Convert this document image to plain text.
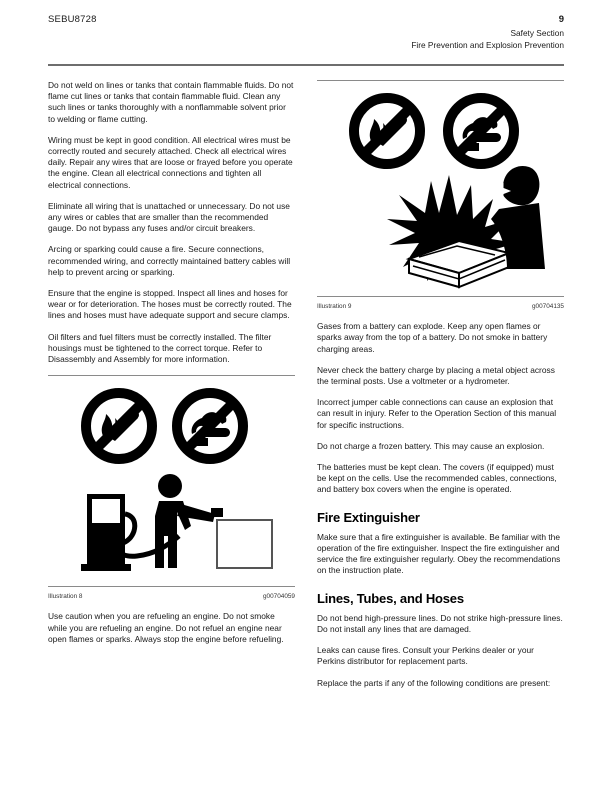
SEBU8728	9
Safety Section
Fire Prevention and Explosion Prevention

Do not weld on lines or tanks that contain flammable fluids. Do not flame cut lines or tanks that contain flammable fluid. Clean any such lines or tanks thoroughly with a nonflammable solvent prior to welding or flame cutting.

Wiring must be kept in good condition. All electrical wires must be correctly routed and securely attached. Check all electrical wires daily. Repair any wires that are loose or frayed before you operate the engine. Clean all electrical connections and tighten all electrical connections.

Eliminate all wiring that is unattached or unnecessary. Do not use any wires or cables that are smaller than the recommended gauge. Do not bypass any fuses and/or circuit breakers.

Arcing or sparking could cause a fire. Secure connections, recommended wiring, and correctly maintained battery cables will help to prevent arcing or sparking.

Ensure that the engine is stopped. Inspect all lines and hoses for wear or for deterioration. The hoses must be correctly routed. The lines and hoses must have adequate support and secure clamps.

Oil filters and fuel filters must be correctly installed. The filter housings must be tightened to the correct torque. Refer to Disassembly and Assembly for more information.

Illustration 8	g00704059

Use caution when you are refueling an engine. Do not smoke while you are refueling an engine. Do not refuel an engine near open flames or sparks. Always stop the engine before refueling.

Illustration 9	g00704135

Gases from a battery can explode. Keep any open flames or sparks away from the top of a battery. Do not smoke in battery charging areas.

Never check the battery charge by placing a metal object across the terminal posts. Use a voltmeter or a hydrometer.

Incorrect jumper cable connections can cause an explosion that can result in injury. Refer to the Operation Section of this manual for specific instructions.

Do not charge a frozen battery. This may cause an explosion.

The batteries must be kept clean. The covers (if equipped) must be kept on the cells. Use the recommended cables, connections, and battery box covers when the engine is operated.

Fire Extinguisher

Make sure that a fire extinguisher is available. Be familiar with the operation of the fire extinguisher. Inspect the fire extinguisher and service the fire extinguisher regularly. Obey the recommendations on the instruction plate.

Lines, Tubes, and Hoses

Do not bend high-pressure lines. Do not strike high-pressure lines. Do not install any lines that are damaged.

Leaks can cause fires. Consult your Perkins dealer or your Perkins distributor for replacement parts.

Replace the parts if any of the following conditions are present:
